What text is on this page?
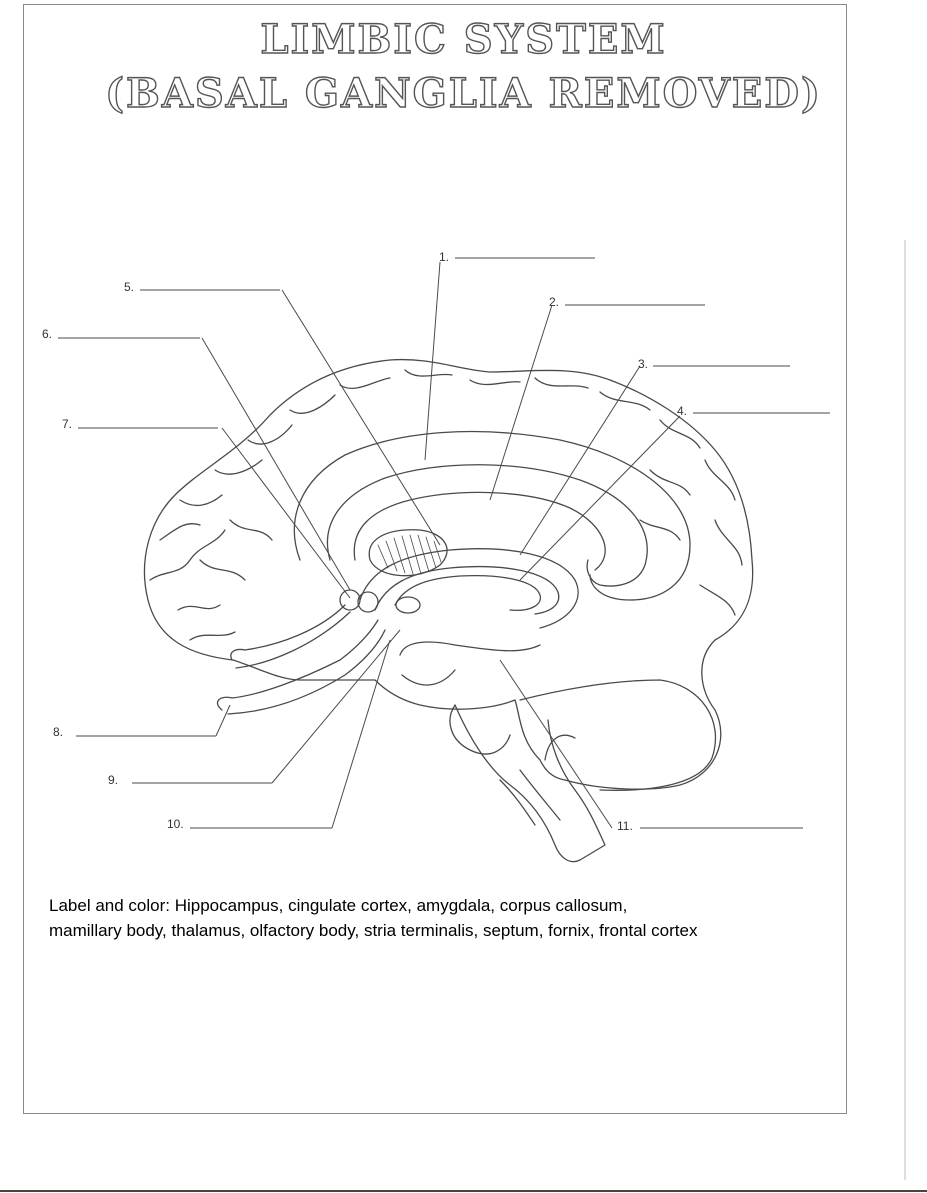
LIMBIC SYSTEM
(BASAL GANGLIA REMOVED)
1.
2.
3.
4.
5.
6.
7.
8.
9.
10.	11.
Label and color: Hippocampus, cingulate cortex, amygdala, corpus callosum,
mamillary body, thalamus, olfactory body, stria terminalis, septum, fornix, frontal cortex
